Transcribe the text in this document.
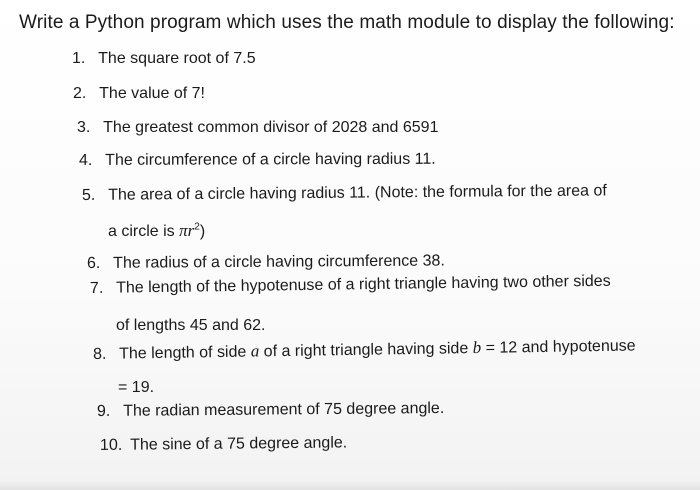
Write a Python program which uses the math module to display the following:
1. The square root of 7.5
2. The value of 7!
3. The greatest common divisor of 2028 and 6591
4. The circumference of a circle having radius 11.
5. The area of a circle having radius 11. (Note: the formula for the area of
a circle is $\pi r^2$)
6. The radius of a circle having circumference 38.
7. The length of the hypotenuse of a right triangle having two other sides
of lengths 45 and 62.
8. The length of side a of a right triangle having side b = 12 and hypotenuse
= 19.
9. The radian measurement of 75 degree angle.
10. The sine of a 75 degree angle.
